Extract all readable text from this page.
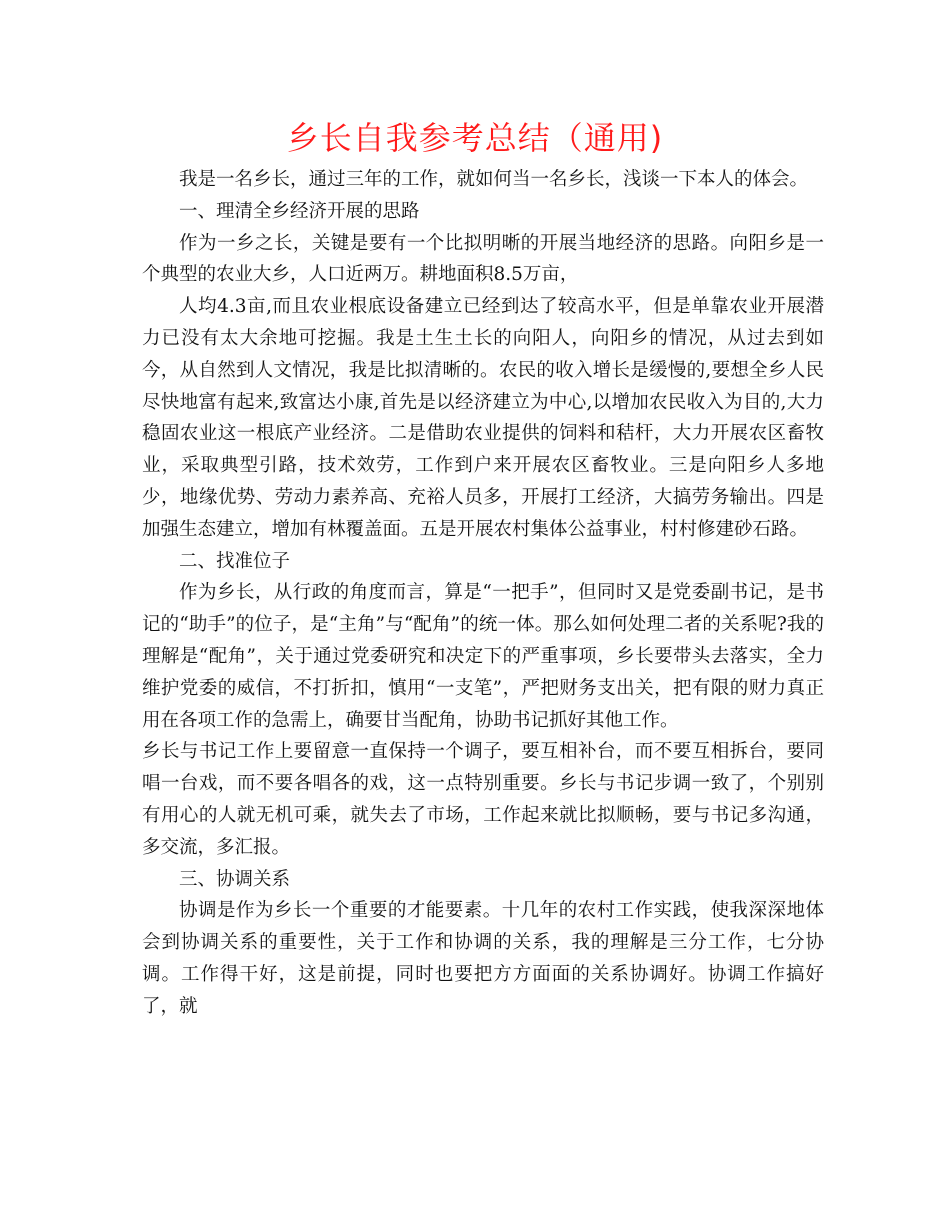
乡长自我参考总结（通用)

我是一名乡长，通过三年的工作，就如何当一名乡长，浅谈一下本人的体会。

一、理清全乡经济开展的思路

作为一乡之长，关键是要有一个比拟明晰的开展当地经济的思路。向阳乡是一个典型的农业大乡，人口近两万。耕地面积8.5万亩，

人均4.3亩,而且农业根底设备建立已经到达了较高水平，但是单靠农业开展潜力已没有太大余地可挖掘。我是土生土长的向阳人，向阳乡的情况，从过去到如今，从自然到人文情况，我是比拟清晰的。农民的收入增长是缓慢的,要想全乡人民尽快地富有起来,致富达小康,首先是以经济建立为中心,以增加农民收入为目的,大力稳固农业这一根底产业经济。二是借助农业提供的饲料和秸杆，大力开展农区畜牧业，采取典型引路，技术效劳，工作到户来开展农区畜牧业。三是向阳乡人多地少，地缘优势、劳动力素养高、充裕人员多，开展打工经济，大搞劳务输出。四是加强生态建立，增加有林覆盖面。五是开展农村集体公益事业，村村修建砂石路。

二、找准位子

作为乡长，从行政的角度而言，算是“一把手”，但同时又是党委副书记，是书记的“助手”的位子，是“主角”与“配角”的统一体。那么如何处理二者的关系呢?我的理解是“配角”，关于通过党委研究和决定下的严重事项，乡长要带头去落实，全力维护党委的威信，不打折扣，慎用“一支笔”，严把财务支出关，把有限的财力真正用在各项工作的急需上，确要甘当配角，协助书记抓好其他工作。

乡长与书记工作上要留意一直保持一个调子，要互相补台，而不要互相拆台，要同唱一台戏，而不要各唱各的戏，这一点特别重要。乡长与书记步调一致了，个别别有用心的人就无机可乘，就失去了市场，工作起来就比拟顺畅，要与书记多沟通，多交流，多汇报。

三、协调关系

协调是作为乡长一个重要的才能要素。十几年的农村工作实践，使我深深地体会到协调关系的重要性，关于工作和协调的关系，我的理解是三分工作，七分协调。工作得干好，这是前提，同时也要把方方面面的关系协调好。协调工作搞好了，就
